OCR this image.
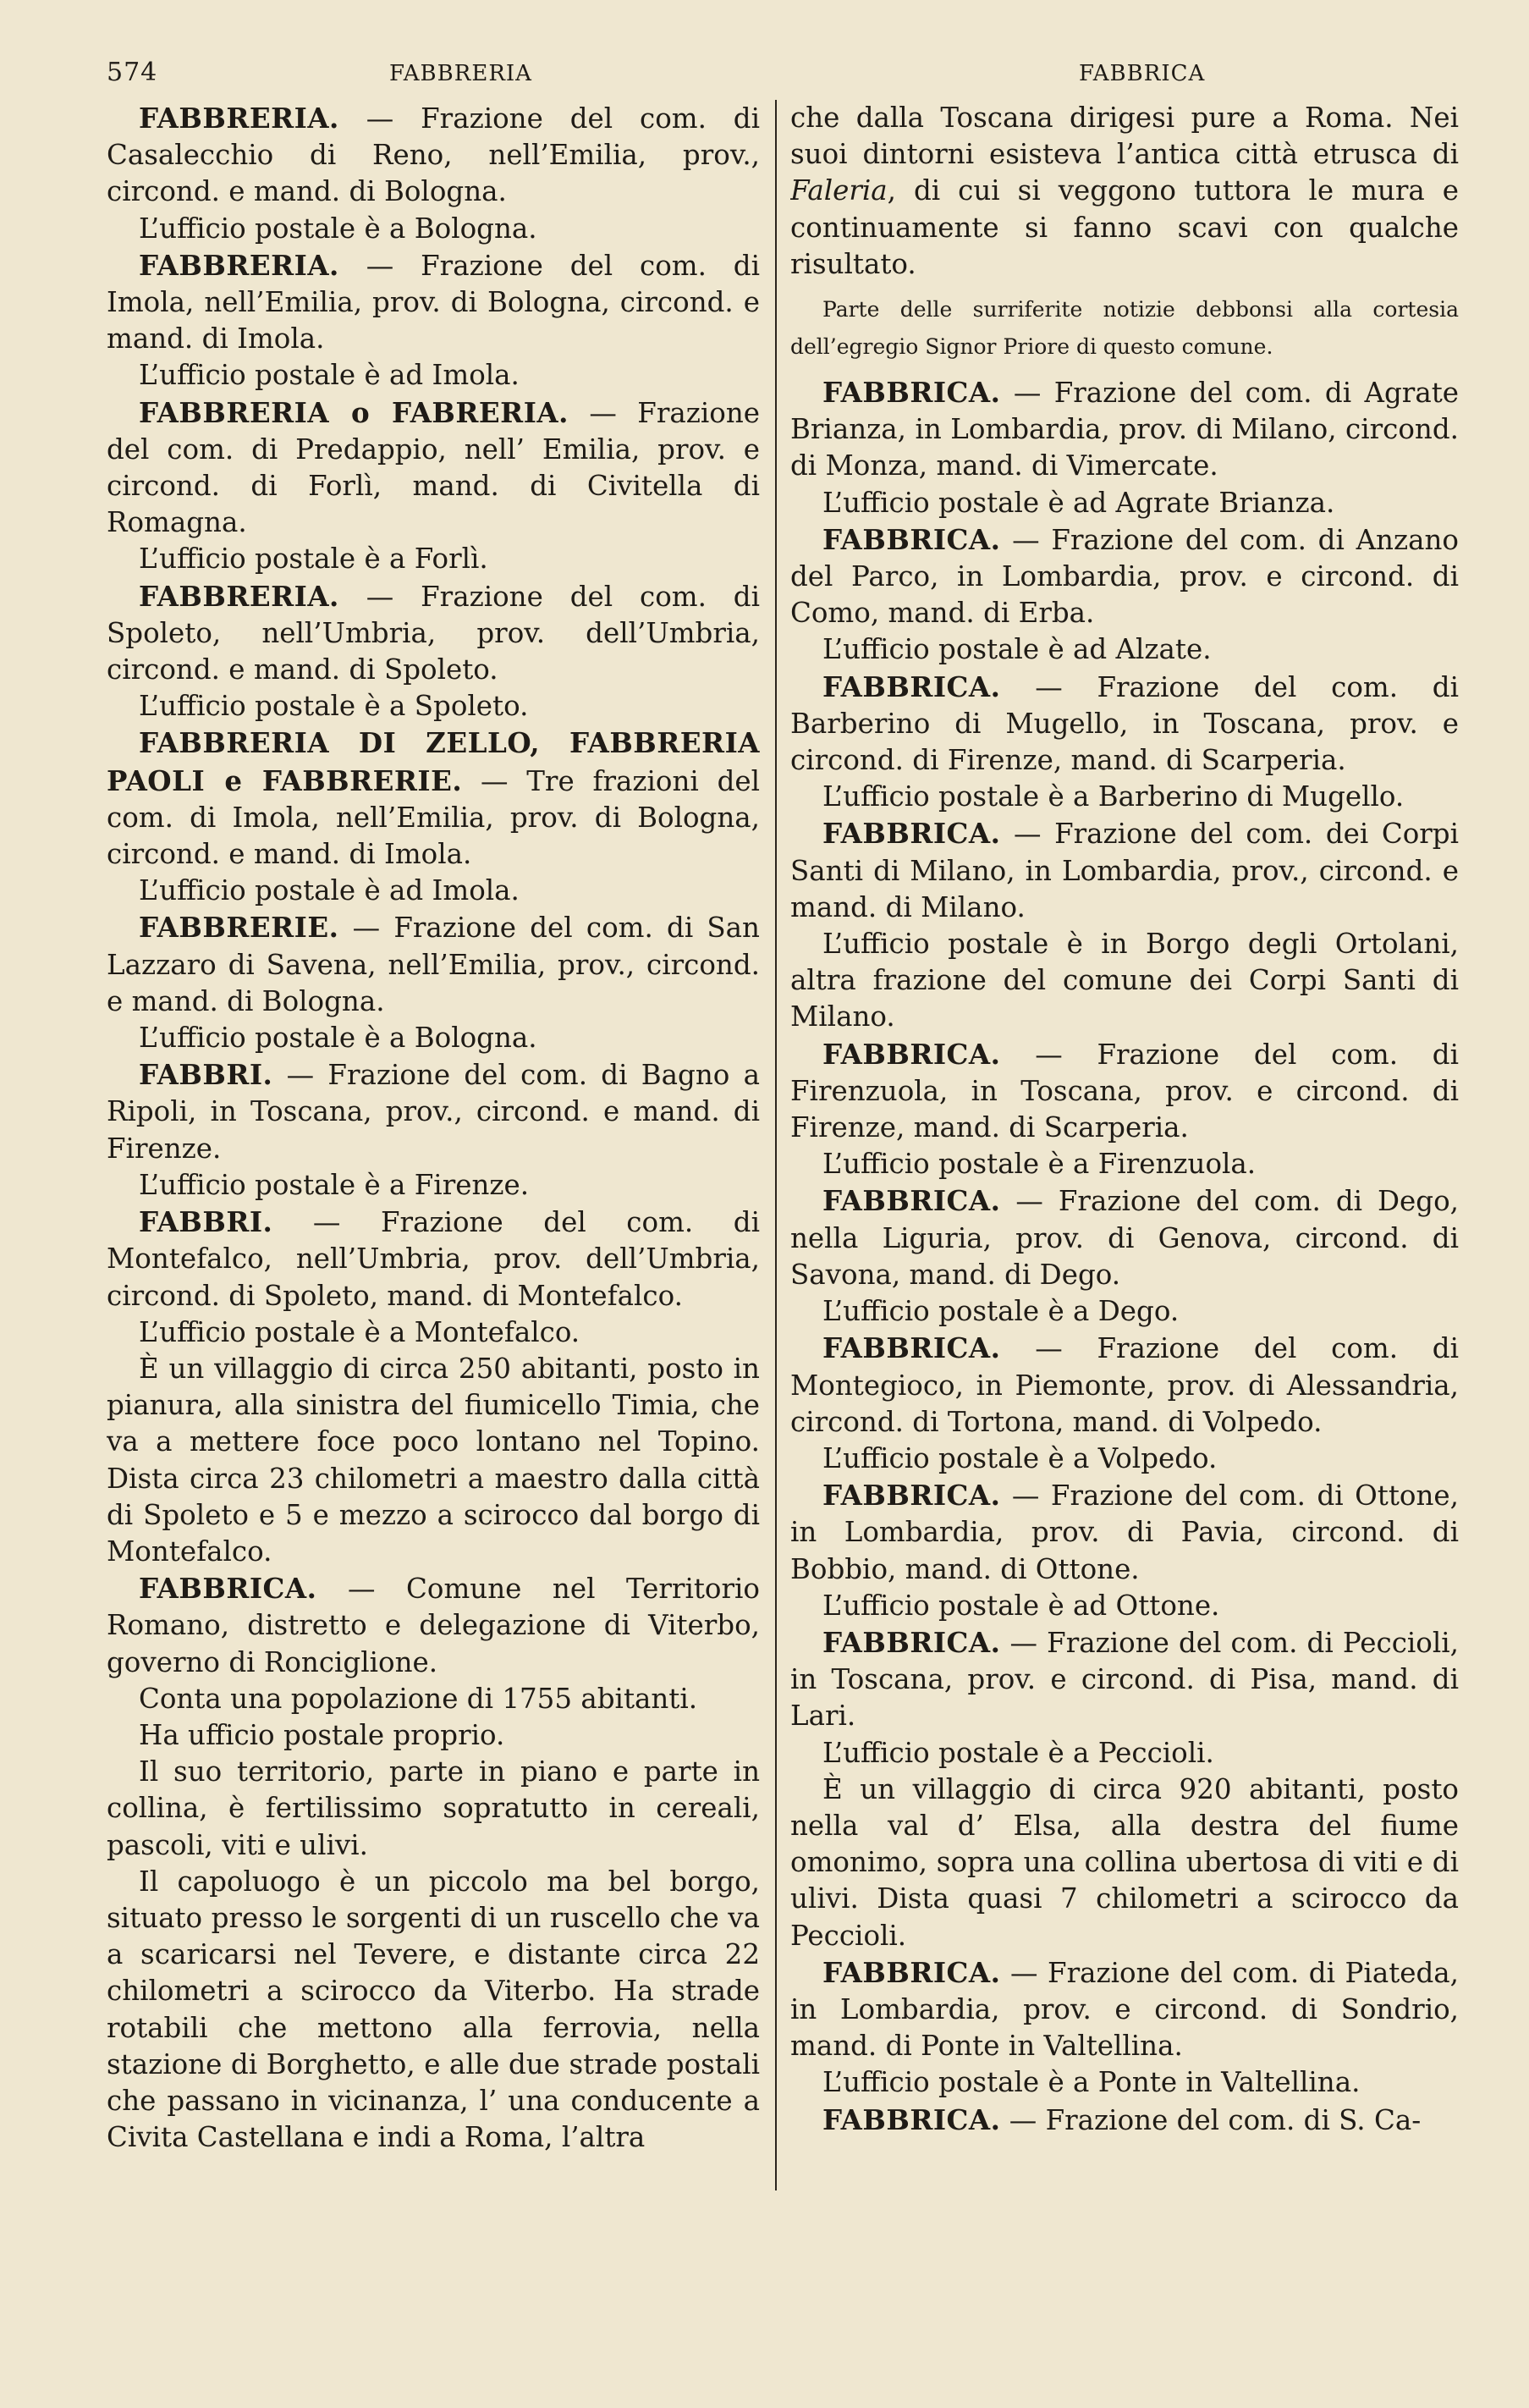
574	FABBRERIA	FABBRICA

FABBRERIA. — Frazione del com. di Casalecchio di Reno, nell’Emilia, prov., circond. e mand. di Bologna.

L’ufficio postale è a Bologna.

FABBRERIA. — Frazione del com. di Imola, nell’Emilia, prov. di Bologna, circond. e mand. di Imola.

L’ufficio postale è ad Imola.

FABBRERIA o FABRERIA. — Frazione del com. di Predappio, nell’ Emilia, prov. e circond. di Forlì, mand. di Civitella di Romagna.

L’ufficio postale è a Forlì.

FABBRERIA. — Frazione del com. di Spoleto, nell’Umbria, prov. dell’Umbria, circond. e mand. di Spoleto.

L’ufficio postale è a Spoleto.

FABBRERIA DI ZELLO, FABBRERIA PAOLI e FABBRERIE. — Tre frazioni del com. di Imola, nell’Emilia, prov. di Bologna, circond. e mand. di Imola.

L’ufficio postale è ad Imola.

FABBRERIE. — Frazione del com. di San Lazzaro di Savena, nell’Emilia, prov., circond. e mand. di Bologna.

L’ufficio postale è a Bologna.

FABBRI. — Frazione del com. di Bagno a Ripoli, in Toscana, prov., circond. e mand. di Firenze.

L’ufficio postale è a Firenze.

FABBRI. — Frazione del com. di Montefalco, nell’Umbria, prov. dell’Umbria, circond. di Spoleto, mand. di Montefalco.

L’ufficio postale è a Montefalco.

È un villaggio di circa 250 abitanti, posto in pianura, alla sinistra del fiumicello Timia, che va a mettere foce poco lontano nel Topino. Dista circa 23 chilometri a maestro dalla città di Spoleto e 5 e mezzo a scirocco dal borgo di Montefalco.

FABBRICA. — Comune nel Territorio Romano, distretto e delegazione di Viterbo, governo di Ronciglione.

Conta una popolazione di 1755 abitanti.

Ha ufficio postale proprio.

Il suo territorio, parte in piano e parte in collina, è fertilissimo sopratutto in cereali, pascoli, viti e ulivi.

Il capoluogo è un piccolo ma bel borgo, situato presso le sorgenti di un ruscello che va a scaricarsi nel Tevere, e distante circa 22 chilometri a scirocco da Viterbo. Ha strade rotabili che mettono alla ferrovia, nella stazione di Borghetto, e alle due strade postali che passano in vicinanza, l’ una conducente a Civita Castellana e indi a Roma, l’altra

che dalla Toscana dirigesi pure a Roma. Nei suoi dintorni esisteva l’antica città etrusca di Faleria, di cui si veggono tuttora le mura e continuamente si fanno scavi con qualche risultato.

Parte delle surriferite notizie debbonsi alla cortesia dell’egregio Signor Priore di questo comune.

FABBRICA. — Frazione del com. di Agrate Brianza, in Lombardia, prov. di Milano, circond. di Monza, mand. di Vimercate.

L’ufficio postale è ad Agrate Brianza.

FABBRICA. — Frazione del com. di Anzano del Parco, in Lombardia, prov. e circond. di Como, mand. di Erba.

L’ufficio postale è ad Alzate.

FABBRICA. — Frazione del com. di Barberino di Mugello, in Toscana, prov. e circond. di Firenze, mand. di Scarperia.

L’ufficio postale è a Barberino di Mugello.

FABBRICA. — Frazione del com. dei Corpi Santi di Milano, in Lombardia, prov., circond. e mand. di Milano.

L’ufficio postale è in Borgo degli Ortolani, altra frazione del comune dei Corpi Santi di Milano.

FABBRICA. — Frazione del com. di Firenzuola, in Toscana, prov. e circond. di Firenze, mand. di Scarperia.

L’ufficio postale è a Firenzuola.

FABBRICA. — Frazione del com. di Dego, nella Liguria, prov. di Genova, circond. di Savona, mand. di Dego.

L’ufficio postale è a Dego.

FABBRICA. — Frazione del com. di Montegioco, in Piemonte, prov. di Alessandria, circond. di Tortona, mand. di Volpedo.

L’ufficio postale è a Volpedo.

FABBRICA. — Frazione del com. di Ottone, in Lombardia, prov. di Pavia, circond. di Bobbio, mand. di Ottone.

L’ufficio postale è ad Ottone.

FABBRICA. — Frazione del com. di Peccioli, in Toscana, prov. e circond. di Pisa, mand. di Lari.

L’ufficio postale è a Peccioli.

È un villaggio di circa 920 abitanti, posto nella val d’ Elsa, alla destra del fiume omonimo, sopra una collina ubertosa di viti e di ulivi. Dista quasi 7 chilometri a scirocco da Peccioli.

FABBRICA. — Frazione del com. di Piateda, in Lombardia, prov. e circond. di Sondrio, mand. di Ponte in Valtellina.

L’ufficio postale è a Ponte in Valtellina.

FABBRICA. — Frazione del com. di S. Ca-
